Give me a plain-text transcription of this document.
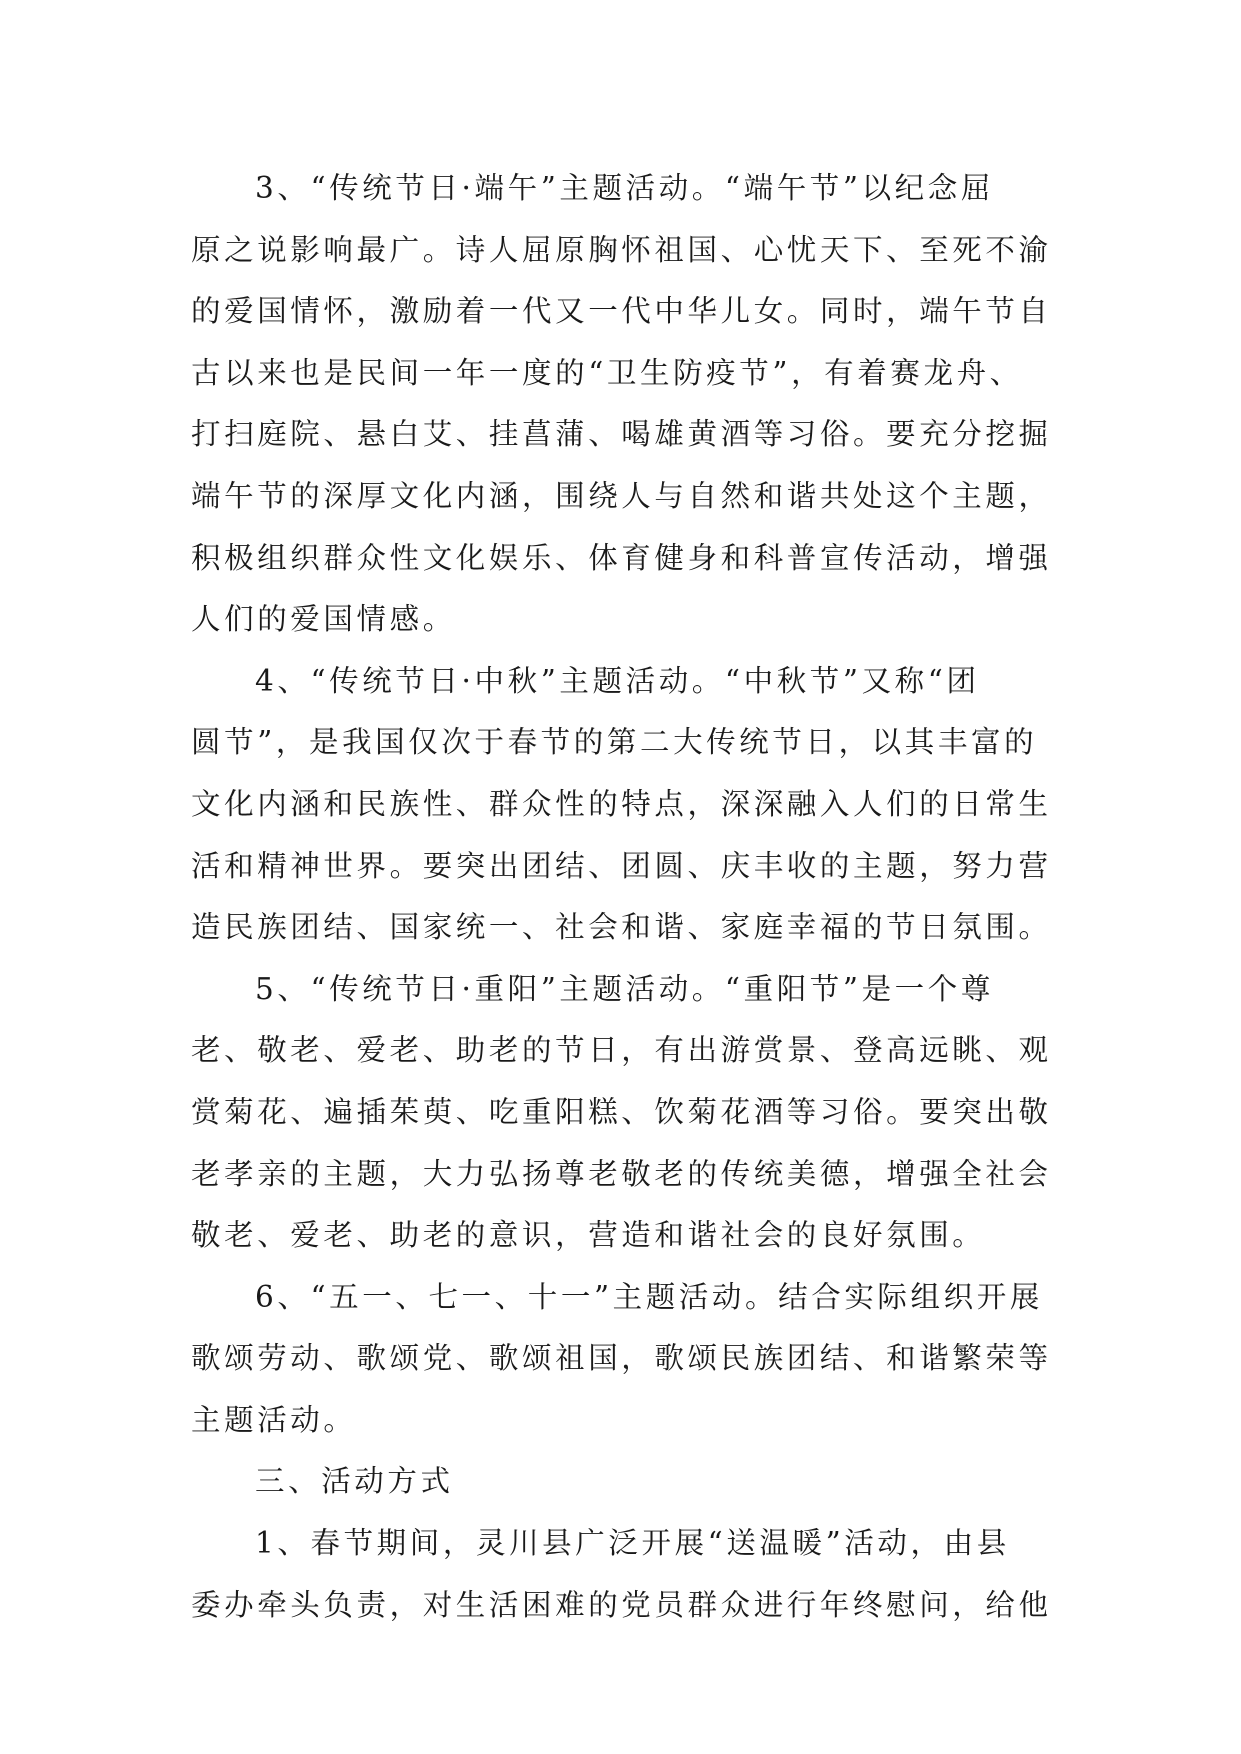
3、“传统节日·端午”主题活动。“端午节”以纪念屈
原之说影响最广。诗人屈原胸怀祖国、心忧天下、至死不渝
的爱国情怀，激励着一代又一代中华儿女。同时，端午节自
古以来也是民间一年一度的“卫生防疫节”，有着赛龙舟、
打扫庭院、悬白艾、挂菖蒲、喝雄黄酒等习俗。要充分挖掘
端午节的深厚文化内涵，围绕人与自然和谐共处这个主题，
积极组织群众性文化娱乐、体育健身和科普宣传活动，增强
人们的爱国情感。
4、“传统节日·中秋”主题活动。“中秋节”又称“团
圆节”，是我国仅次于春节的第二大传统节日，以其丰富的
文化内涵和民族性、群众性的特点，深深融入人们的日常生
活和精神世界。要突出团结、团圆、庆丰收的主题，努力营
造民族团结、国家统一、社会和谐、家庭幸福的节日氛围。
5、“传统节日·重阳”主题活动。“重阳节”是一个尊
老、敬老、爱老、助老的节日，有出游赏景、登高远眺、观
赏菊花、遍插茱萸、吃重阳糕、饮菊花酒等习俗。要突出敬
老孝亲的主题，大力弘扬尊老敬老的传统美德，增强全社会
敬老、爱老、助老的意识，营造和谐社会的良好氛围。
6、“五一、七一、十一”主题活动。结合实际组织开展
歌颂劳动、歌颂党、歌颂祖国，歌颂民族团结、和谐繁荣等
主题活动。
三、活动方式
1、春节期间，灵川县广泛开展“送温暖”活动，由县
委办牵头负责，对生活困难的党员群众进行年终慰问，给他
